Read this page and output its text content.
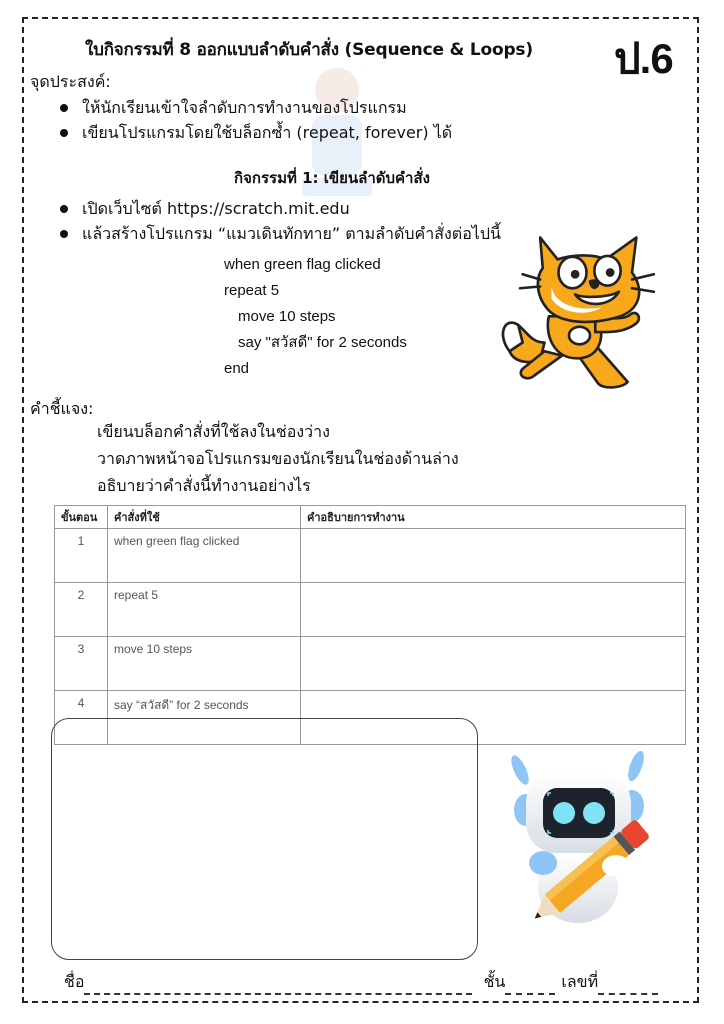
ใบกิจกรรมที่ 8 ออกแบบลำดับคำสั่ง (Sequence & Loops) ป.6
จุดประสงค์:
ให้นักเรียนเข้าใจลำดับการทำงานของโปรแกรม
เขียนโปรแกรมโดยใช้บล็อกซ้ำ (repeat, forever) ได้
กิจกรรมที่ 1: เขียนลำดับคำสั่ง
เปิดเว็บไซต์ https://scratch.mit.edu
แล้วสร้างโปรแกรม “แมวเดินทักทาย” ตามลำดับคำสั่งต่อไปนี้
when green flag clicked
repeat 5
move 10 steps
say "สวัสดี" for 2 seconds
end
คำชี้แจง:
เขียนบล็อกคำสั่งที่ใช้ลงในช่องว่าง
วาดภาพหน้าจอโปรแกรมของนักเรียนในช่องด้านล่าง
อธิบายว่าคำสั่งนี้ทำงานอย่างไร
ขั้นตอน	คำสั่งที่ใช้	คำอธิบายการทำงาน
1	when green flag clicked	
2	repeat 5	
3	move 10 steps	
4	say “สวัสดี” for 2 seconds	
ชื่อ	ชั้น	เลขที่
